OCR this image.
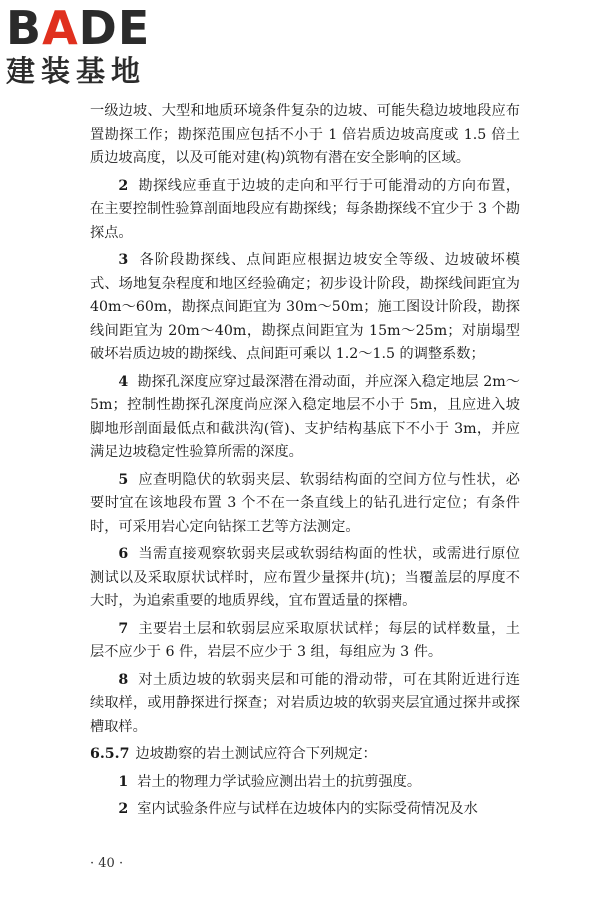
BADE
建装基地

一级边坡、大型和地质环境条件复杂的边坡、可能失稳边坡地段应布置勘探工作；勘探范围应包括不小于 1 倍岩质边坡高度或 1.5 倍土质边坡高度，以及可能对建(构)筑物有潜在安全影响的区域。

2 勘探线应垂直于边坡的走向和平行于可能滑动的方向布置，在主要控制性验算剖面地段应有勘探线；每条勘探线不宜少于 3 个勘探点。

3 各阶段勘探线、点间距应根据边坡安全等级、边坡破坏模式、场地复杂程度和地区经验确定；初步设计阶段，勘探线间距宜为 40m～60m，勘探点间距宜为 30m～50m；施工图设计阶段，勘探线间距宜为 20m～40m，勘探点间距宜为 15m～25m；对崩塌型破坏岩质边坡的勘探线、点间距可乘以 1.2～1.5 的调整系数；

4 勘探孔深度应穿过最深潜在滑动面，并应深入稳定地层 2m～5m；控制性勘探孔深度尚应深入稳定地层不小于 5m，且应进入坡脚地形剖面最低点和截洪沟(管)、支护结构基底下不小于 3m，并应满足边坡稳定性验算所需的深度。

5 应查明隐伏的软弱夹层、软弱结构面的空间方位与性状，必要时宜在该地段布置 3 个不在一条直线上的钻孔进行定位；有条件时，可采用岩心定向钻探工艺等方法测定。

6 当需直接观察软弱夹层或软弱结构面的性状，或需进行原位测试以及采取原状试样时，应布置少量探井(坑)；当覆盖层的厚度不大时，为追索重要的地质界线，宜布置适量的探槽。

7 主要岩土层和软弱层应采取原状试样；每层的试样数量，土层不应少于 6 件，岩层不应少于 3 组，每组应为 3 件。

8 对土质边坡的软弱夹层和可能的滑动带，可在其附近进行连续取样，或用静探进行探查；对岩质边坡的软弱夹层宜通过探井或探槽取样。

6.5.7 边坡勘察的岩土测试应符合下列规定：

1 岩土的物理力学试验应测出岩土的抗剪强度。

2 室内试验条件应与试样在边坡体内的实际受荷情况及水

· 40 ·
